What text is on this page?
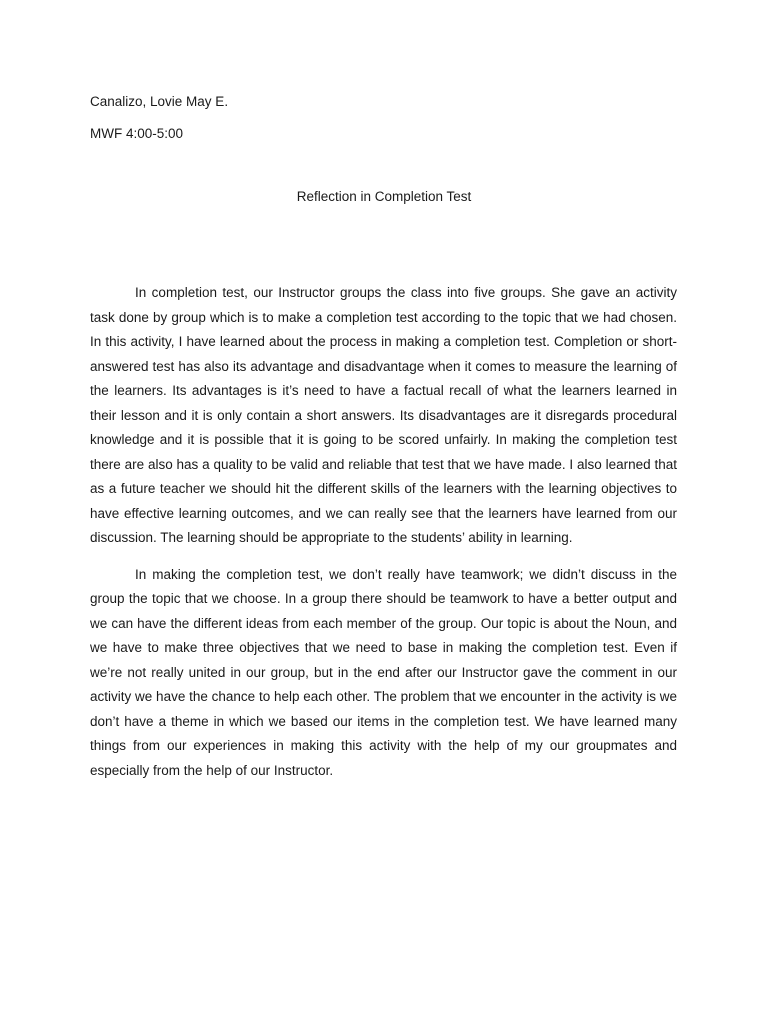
Canalizo, Lovie May E.

MWF 4:00-5:00

Reflection in Completion Test

In completion test, our Instructor groups the class into five groups. She gave an activity task done by group which is to make a completion test according to the topic that we had chosen. In this activity, I have learned about the process in making a completion test. Completion or short-answered test has also its advantage and disadvantage when it comes to measure the learning of the learners. Its advantages is it’s need to have a factual recall of what the learners learned in their lesson and it is only contain a short answers. Its disadvantages are it disregards procedural knowledge and it is possible that it is going to be scored unfairly. In making the completion test there are also has a quality to be valid and reliable that test that we have made. I also learned that as a future teacher we should hit the different skills of the learners with the learning objectives to have effective learning outcomes, and we can really see that the learners have learned from our discussion. The learning should be appropriate to the students’ ability in learning.

In making the completion test, we don’t really have teamwork; we didn’t discuss in the group the topic that we choose. In a group there should be teamwork to have a better output and we can have the different ideas from each member of the group. Our topic is about the Noun, and we have to make three objectives that we need to base in making the completion test. Even if we’re not really united in our group, but in the end after our Instructor gave the comment in our activity we have the chance to help each other. The problem that we encounter in the activity is we don’t have a theme in which we based our items in the completion test. We have learned many things from our experiences in making this activity with the help of my our groupmates and especially from the help of our Instructor.
